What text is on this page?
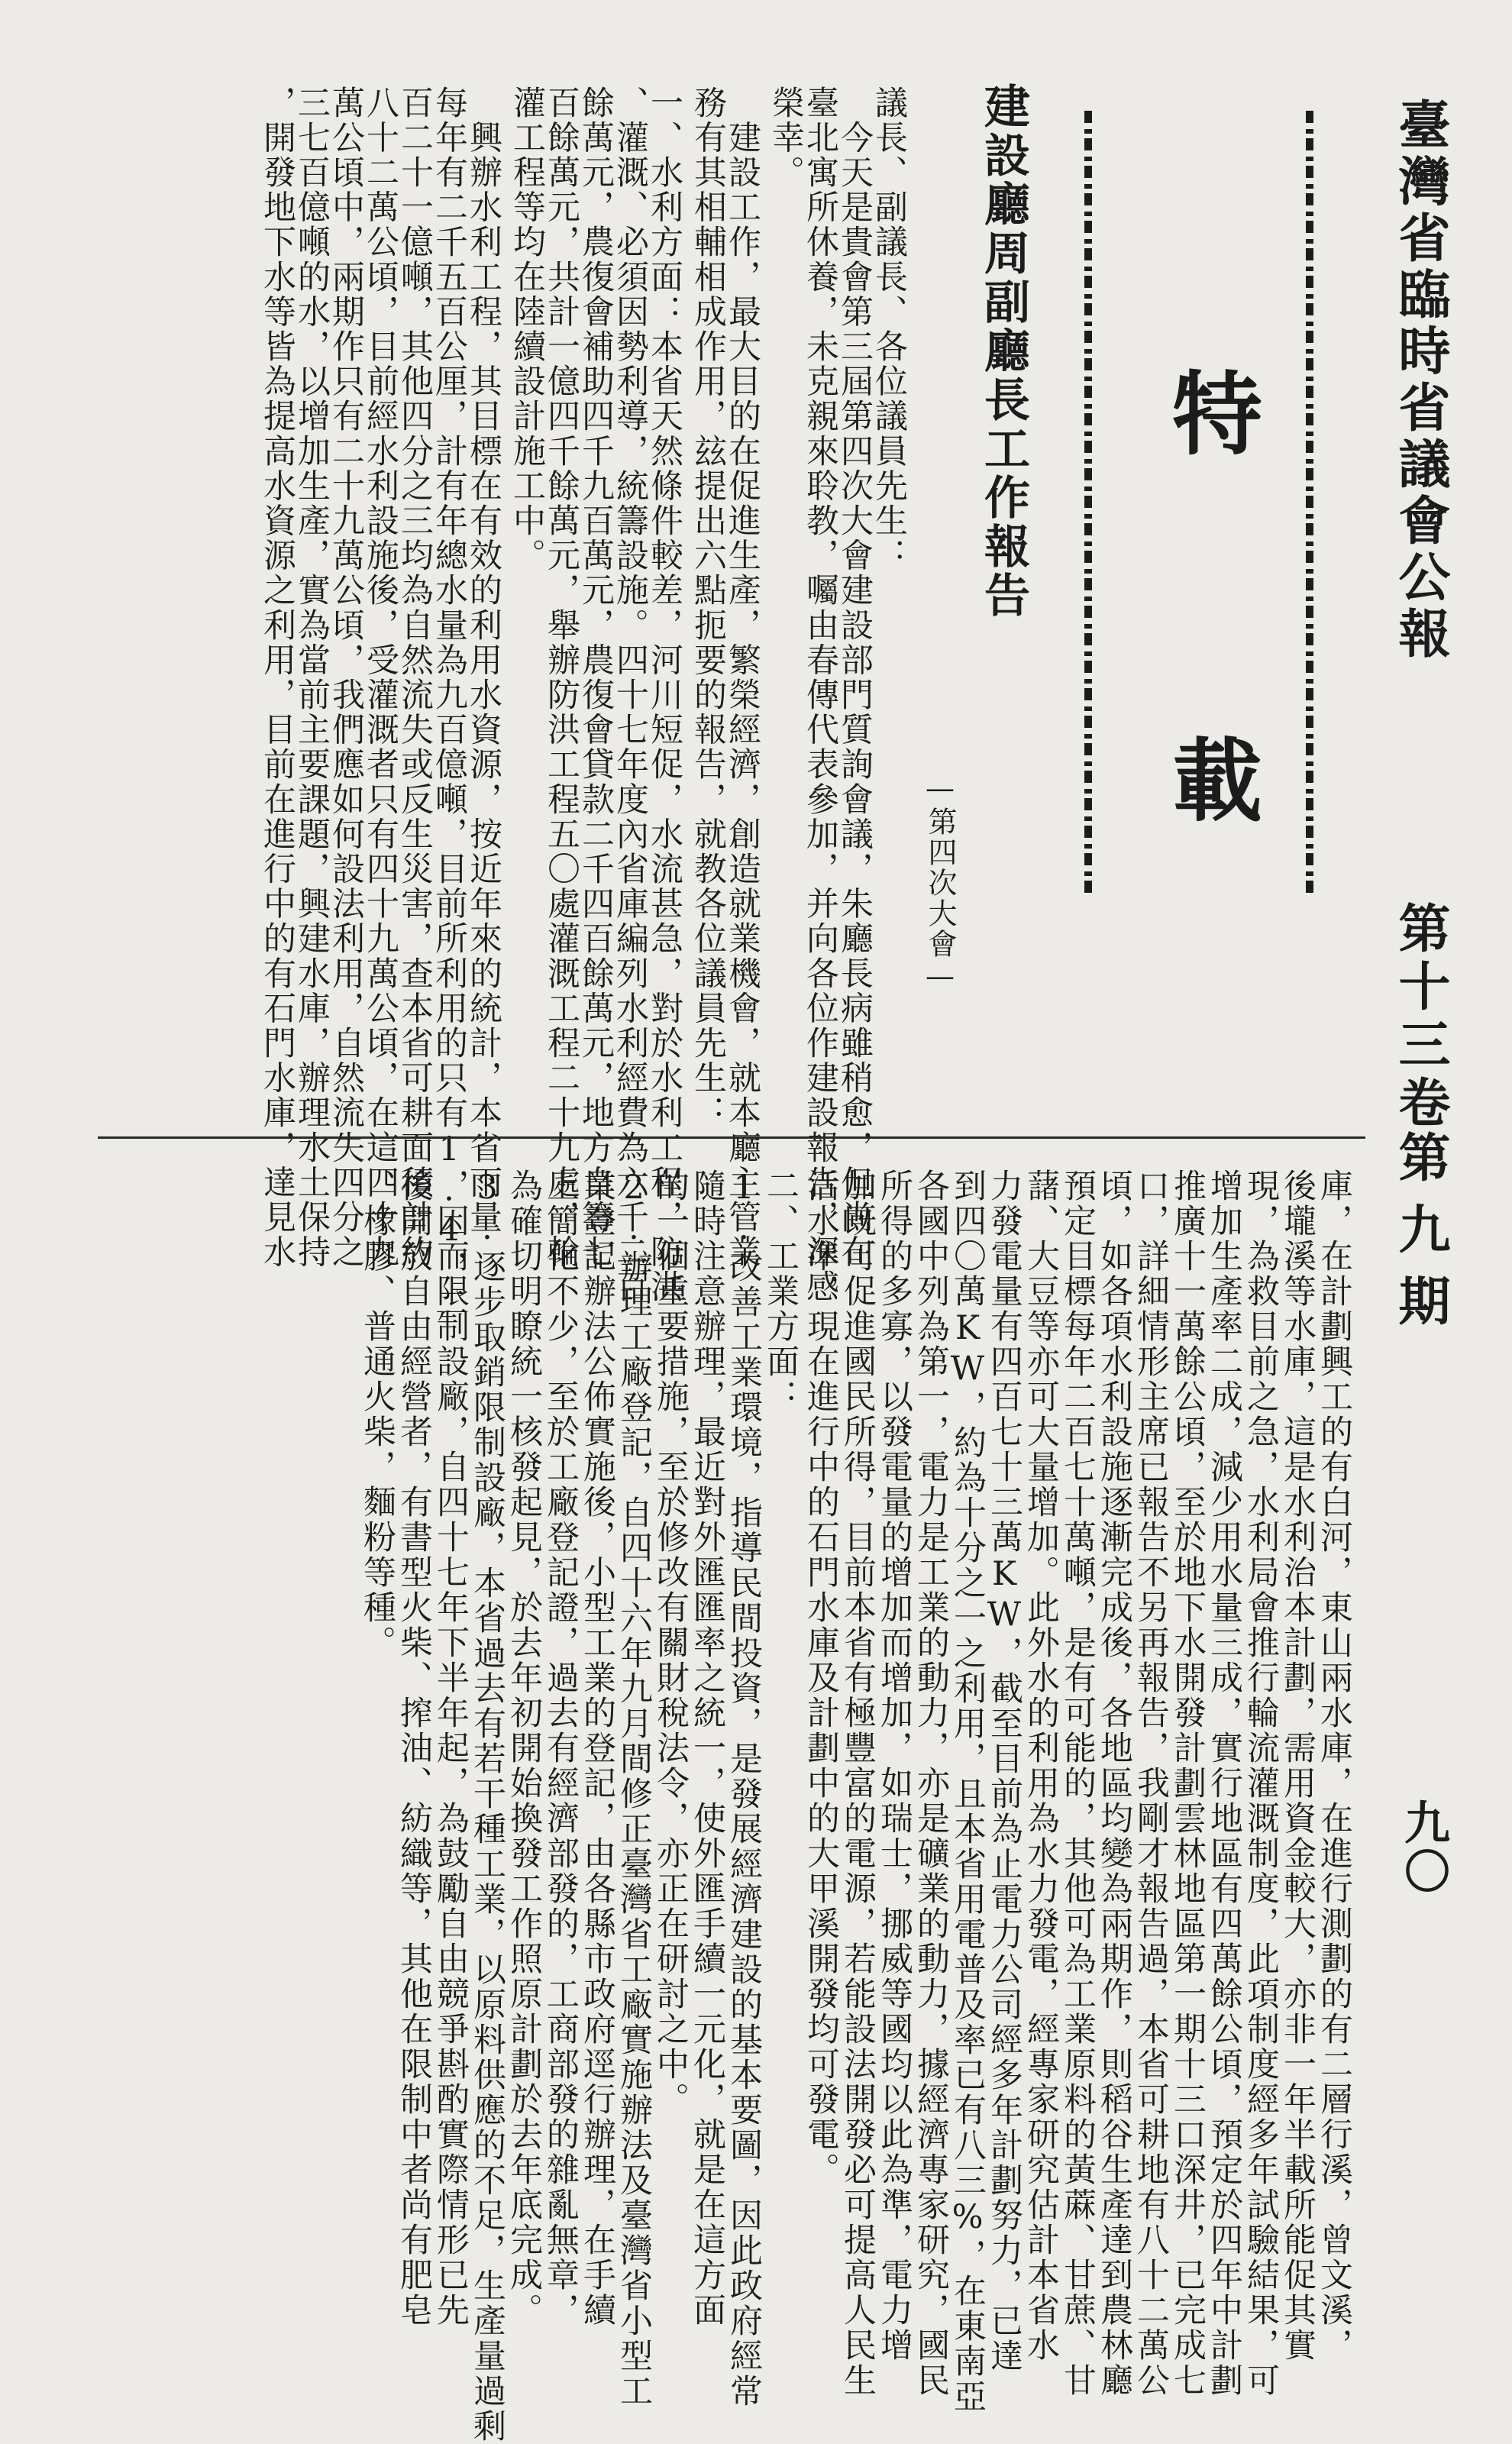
臺灣省臨時省議會公報
第十三卷
第九期
九〇
特
載
建設廳周副廳長工作報告
—第四次大會—
議長、副議長、各位議員先生：
　今天是貴會第三屆第四次大會建設部門質詢會議，朱廳長病雖稍愈，但尚在
臺北寓所休養，未克親來聆教，囑由春傳代表參加，并向各位作建設報告，深感
榮幸。
　建設工作，最大目的在促進生產，繁榮經濟，創造就業機會，就本廳主管業
務有其相輔相成作用，玆提出六點扼要的報告，就教各位議員先生：
一、水利方面：本省天然條件較差，河川短促，水流甚急，對於水利工程，防洪
、灌溉、必須因勢利導，統籌設施。四十七年度內省庫編列水利經費為六千二百
餘萬元，農復會補助四千九百萬元，農復會貸款二千四百餘萬元，地方自籌七
百餘萬元，共計一億四千餘萬元，舉辦防洪工程五〇處灌溉工程二十九處，輪
灌工程等均在陸續設計施工中。
　興辦水利工程，其目標在有效的利用水資源，按近年來的統計，本省雨量
每年有二千五百公厘，計有年總水量為九百億噸，目前所利用的只有1.4，二
百二十一億噸，其他四分之三均為自然流失或反生災害，查本省可耕面積計約
八十二萬公頃，目前經水利設施後，受灌溉者只有四十九萬公頃，在這四十九
萬公頃中，兩期作只有二十九萬公頃，我們應如何設法利用，自然流失四分之
三七百億噸的水，以增加生產，實為當前主要課題，興建水庫，辦理水土保持
，開發地下水等皆為提高水資源之利用，目前在進行中的有石門水庫，達見水
庫，在計劃興工的有白河，東山兩水庫，在進行測劃的有二層行溪，曾文溪，
後壠溪等水庫，這是水利治本計劃，需用資金較大，亦非一年半載所能促其實
現，為救目前之急，水利局會推行輪流灌溉制度，此項制度經多年試驗結果，可
增加生產率二成，減少用水量三成，實行地區有四萬餘公頃，預定於四年中計劃
推廣十一萬餘公頃，至於地下水開發計劃雲林地區第一期十三口深井，已完成七
口，詳細情形主席已報告不另再報告，我剛才報告過，本省可耕地有八十二萬公
頃，如各項水利設施逐漸完成後，各地區均變為兩期作，則稻谷生產達到農林廳
預定目標每年二百七十萬噸，是有可能的，其他可為工業原料的黃蔴、甘蔗、甘
藷、大豆等亦可大量增加。此外水的利用為水力發電，經專家研究估計本省水
力發電量有四百七十三萬KW，截至目前為止電力公司經多年計劃努力，已達
到四〇萬KW，約為十分之一之利用，且本省用電普及率已有八三%，在東南亞
各國中列為第一，電力是工業的動力，亦是礦業的動力，據經濟專家研究，國民
所得的多寡，以發電量的增加而增加，如瑞士，挪威等國均以此為準，電力增
加既可促進國民所得，目前本省有極豐富的電源，若能設法開發必可提高人民生
活水準，現在進行中的石門水庫及計劃中的大甲溪開發均可發電。
二、工業方面：
1.改善工業環境，指導民間投資，是發展經濟建設的基本要圖，因此政府經常
隨時注意辦理，最近對外匯匯率之統一，使外匯手續一元化，就是在這方面
的一個重要措施，至於修改有關財稅法令，亦正在研討之中。
2.辦理工廠登記，自四十六年九月間修正臺灣省工廠實施辦法及臺灣省小型工
業登記辦法公佈實施後，小型工業的登記，由各縣市政府逕行辦理，在手續
上簡化不少，至於工廠登記證，過去有經濟部發的，工商部發的雜亂無章，
為確切明瞭統一核發起見，於去年初開始換發工作照原計劃於去年底完成。
3.逐步取銷限制設廠，本省過去有若干種工業，以原料供應的不足，生產量過剩
，因而限制設廠，自四十七年下半年起，為鼓勵自由競爭斟酌實際情形已先
後開放自由經營者，有書型火柴、搾油、紡織等，其他在限制中者尚有肥皂
、橡膠、普通火柴，麵粉等種。
